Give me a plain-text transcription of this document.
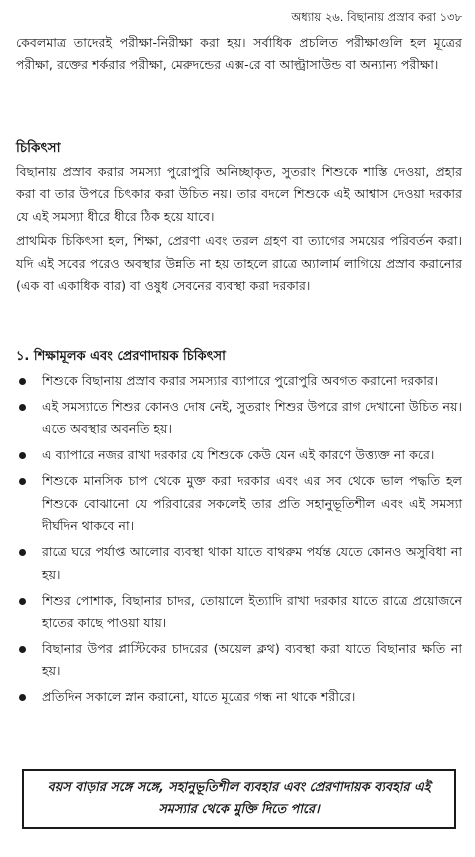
অধ্যায় ২৬. বিছানায় প্রস্রাব করা ১৩৮

কেবলমাত্র তাদেরই পরীক্ষা-নিরীক্ষা করা হয়। সর্বাধিক প্রচলিত পরীক্ষাগুলি হল মূত্রের পরীক্ষা, রক্তের শর্করার পরীক্ষা, মেরুদন্ডের এক্স-রে বা আল্ট্রাসাউন্ড বা অন্যান্য পরীক্ষা।

চিকিৎসা

বিছানায় প্রস্রাব করার সমস্যা পুরোপুরি অনিচ্ছাকৃত, সুতরাং শিশুকে শাস্তি দেওয়া, প্রহার করা বা তার উপরে চিৎকার করা উচিত নয়। তার বদলে শিশুকে এই আশ্বাস দেওয়া দরকার যে এই সমস্যা ধীরে ধীরে ঠিক হয়ে যাবে।

প্রাথমিক চিকিৎসা হল, শিক্ষা, প্রেরণা এবং তরল গ্রহণ বা ত্যাগের সময়ের পরিবর্তন করা। যদি এই সবের পরেও অবস্থার উন্নতি না হয় তাহলে রাত্রে অ্যালার্ম লাগিয়ে প্রস্রাব করানোর (এক বা একাধিক বার) বা ওষুধ সেবনের ব্যবস্থা করা দরকার।

১. শিক্ষামূলক এবং প্রেরণাদায়ক চিকিৎসা
শিশুকে বিছানায় প্রস্রাব করার সমস্যার ব্যাপারে পুরোপুরি অবগত করানো দরকার।
এই সমস্যাতে শিশুর কোনও দোষ নেই, সুতরাং শিশুর উপরে রাগ দেখানো উচিত নয়। এতে অবস্থার অবনতি হয়।
এ ব্যাপারে নজর রাখা দরকার যে শিশুকে কেউ যেন এই কারণে উত্ত্যক্ত না করে।
শিশুকে মানসিক চাপ থেকে মুক্ত করা দরকার এবং এর সব থেকে ভাল পদ্ধতি হল শিশুকে বোঝানো যে পরিবারের সকলেই তার প্রতি সহানুভূতিশীল এবং এই সমস্যা দীর্ঘদিন থাকবে না।
রাত্রে ঘরে পর্যাপ্ত আলোর ব্যবস্থা থাকা যাতে বাথরুম পর্যন্ত যেতে কোনও অসুবিধা না হয়।
শিশুর পোশাক, বিছানার চাদর, তোয়ালে ইত্যাদি রাখা দরকার যাতে রাত্রে প্রয়োজনে হাতের কাছে পাওয়া যায়।
বিছানার উপর প্লাস্টিকের চাদরের (অয়েল ক্লথ) ব্যবস্থা করা যাতে বিছানার ক্ষতি না হয়।
প্রতিদিন সকালে স্নান করানো, যাতে মূত্রের গন্ধ না থাকে শরীরে।

বয়স বাড়ার সঙ্গে সঙ্গে, সহানুভূতিশীল ব্যবহার এবং প্রেরণাদায়ক ব্যবহার এই সমস্যার থেকে মুক্তি দিতে পারে।
